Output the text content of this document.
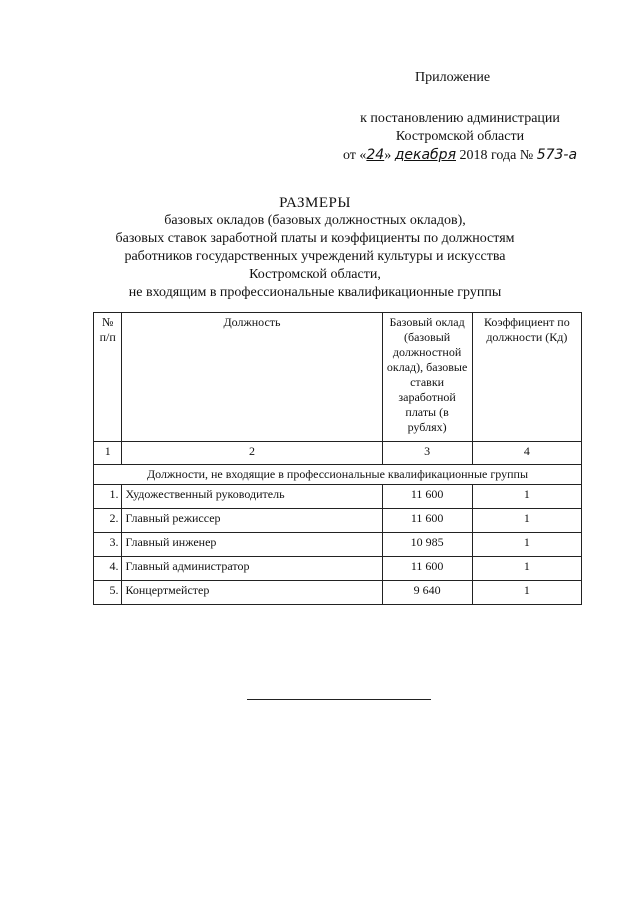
Приложение
к постановлению администрации
Костромской области
от «24» декабря 2018 года № 573-а
РАЗМЕРЫ
базовых окладов (базовых должностных окладов),
базовых ставок заработной платы и коэффициенты по должностям
работников государственных учреждений культуры и искусства
Костромской области,
не входящим в профессиональные квалификационные группы
№ п/п	Должность	Базовый оклад (базовый должностной оклад), базовые ставки заработной платы (в рублях)	Коэффициент по должности (Кд)
1	2	3	4
Должности, не входящие в профессиональные квалификационные группы			
1.	Художественный руководитель	11 600	1
2.	Главный режиссер	11 600	1
3.	Главный инженер	10 985	1
4.	Главный администратор	11 600	1
5.	Концертмейстер	9 640	1
